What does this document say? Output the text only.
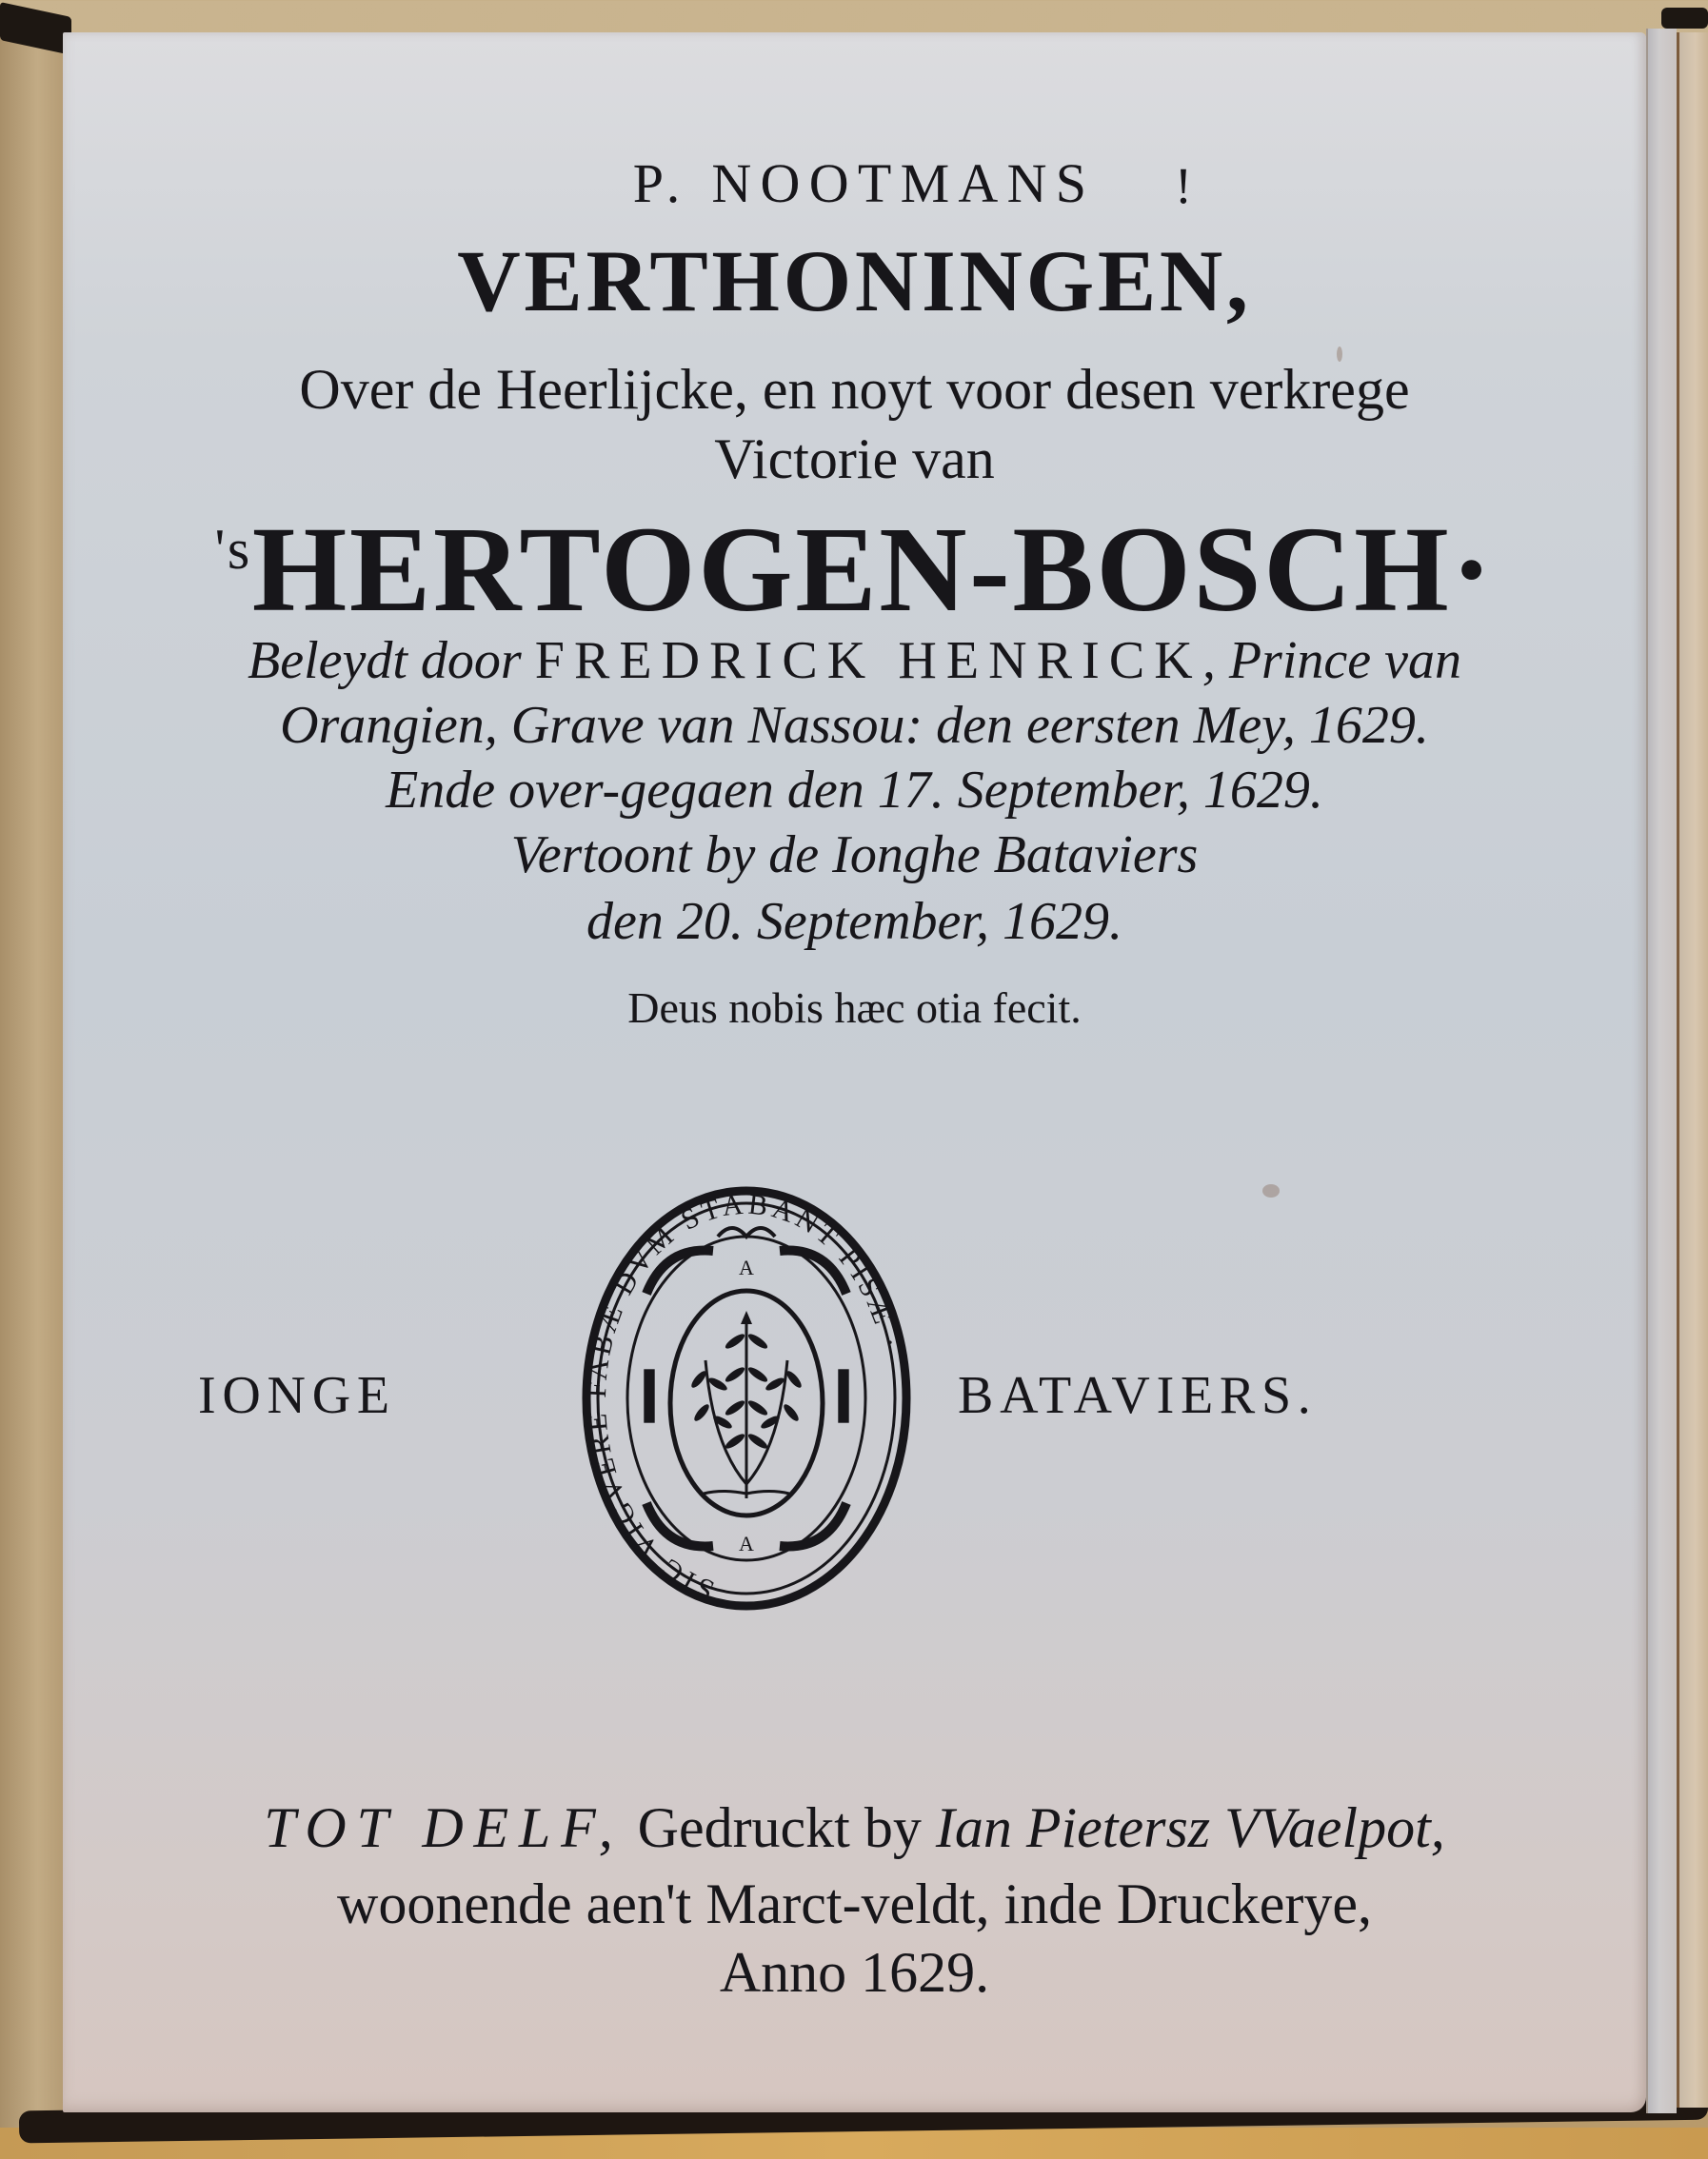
P. NOOTMANS	!
VERTHONINGEN,
Over de Heerlijcke, en noyt voor desen verkrege
Victorie van
$^{'s}$HERTOGEN-BOSCH·
Beleydt door FREDRICK HENRICK, Prince van
Orangien, Grave van Nassou: den eersten Mey, 1629.
Ende over-gegaen den 17. September, 1629.
Vertoont by de Ionghe Bataviers
den 20. September, 1629.
Deus nobis hæc otia fecit.
IONGE	BATAVIERS.
SIC VIGVERE FABÆ DVM STABANT PISÆ ·
A
A
TOT DELF, Gedruckt by Ian Pietersz VVaelpot,
woonende aen't Marct-veldt, inde Druckerye,
Anno 1629.
